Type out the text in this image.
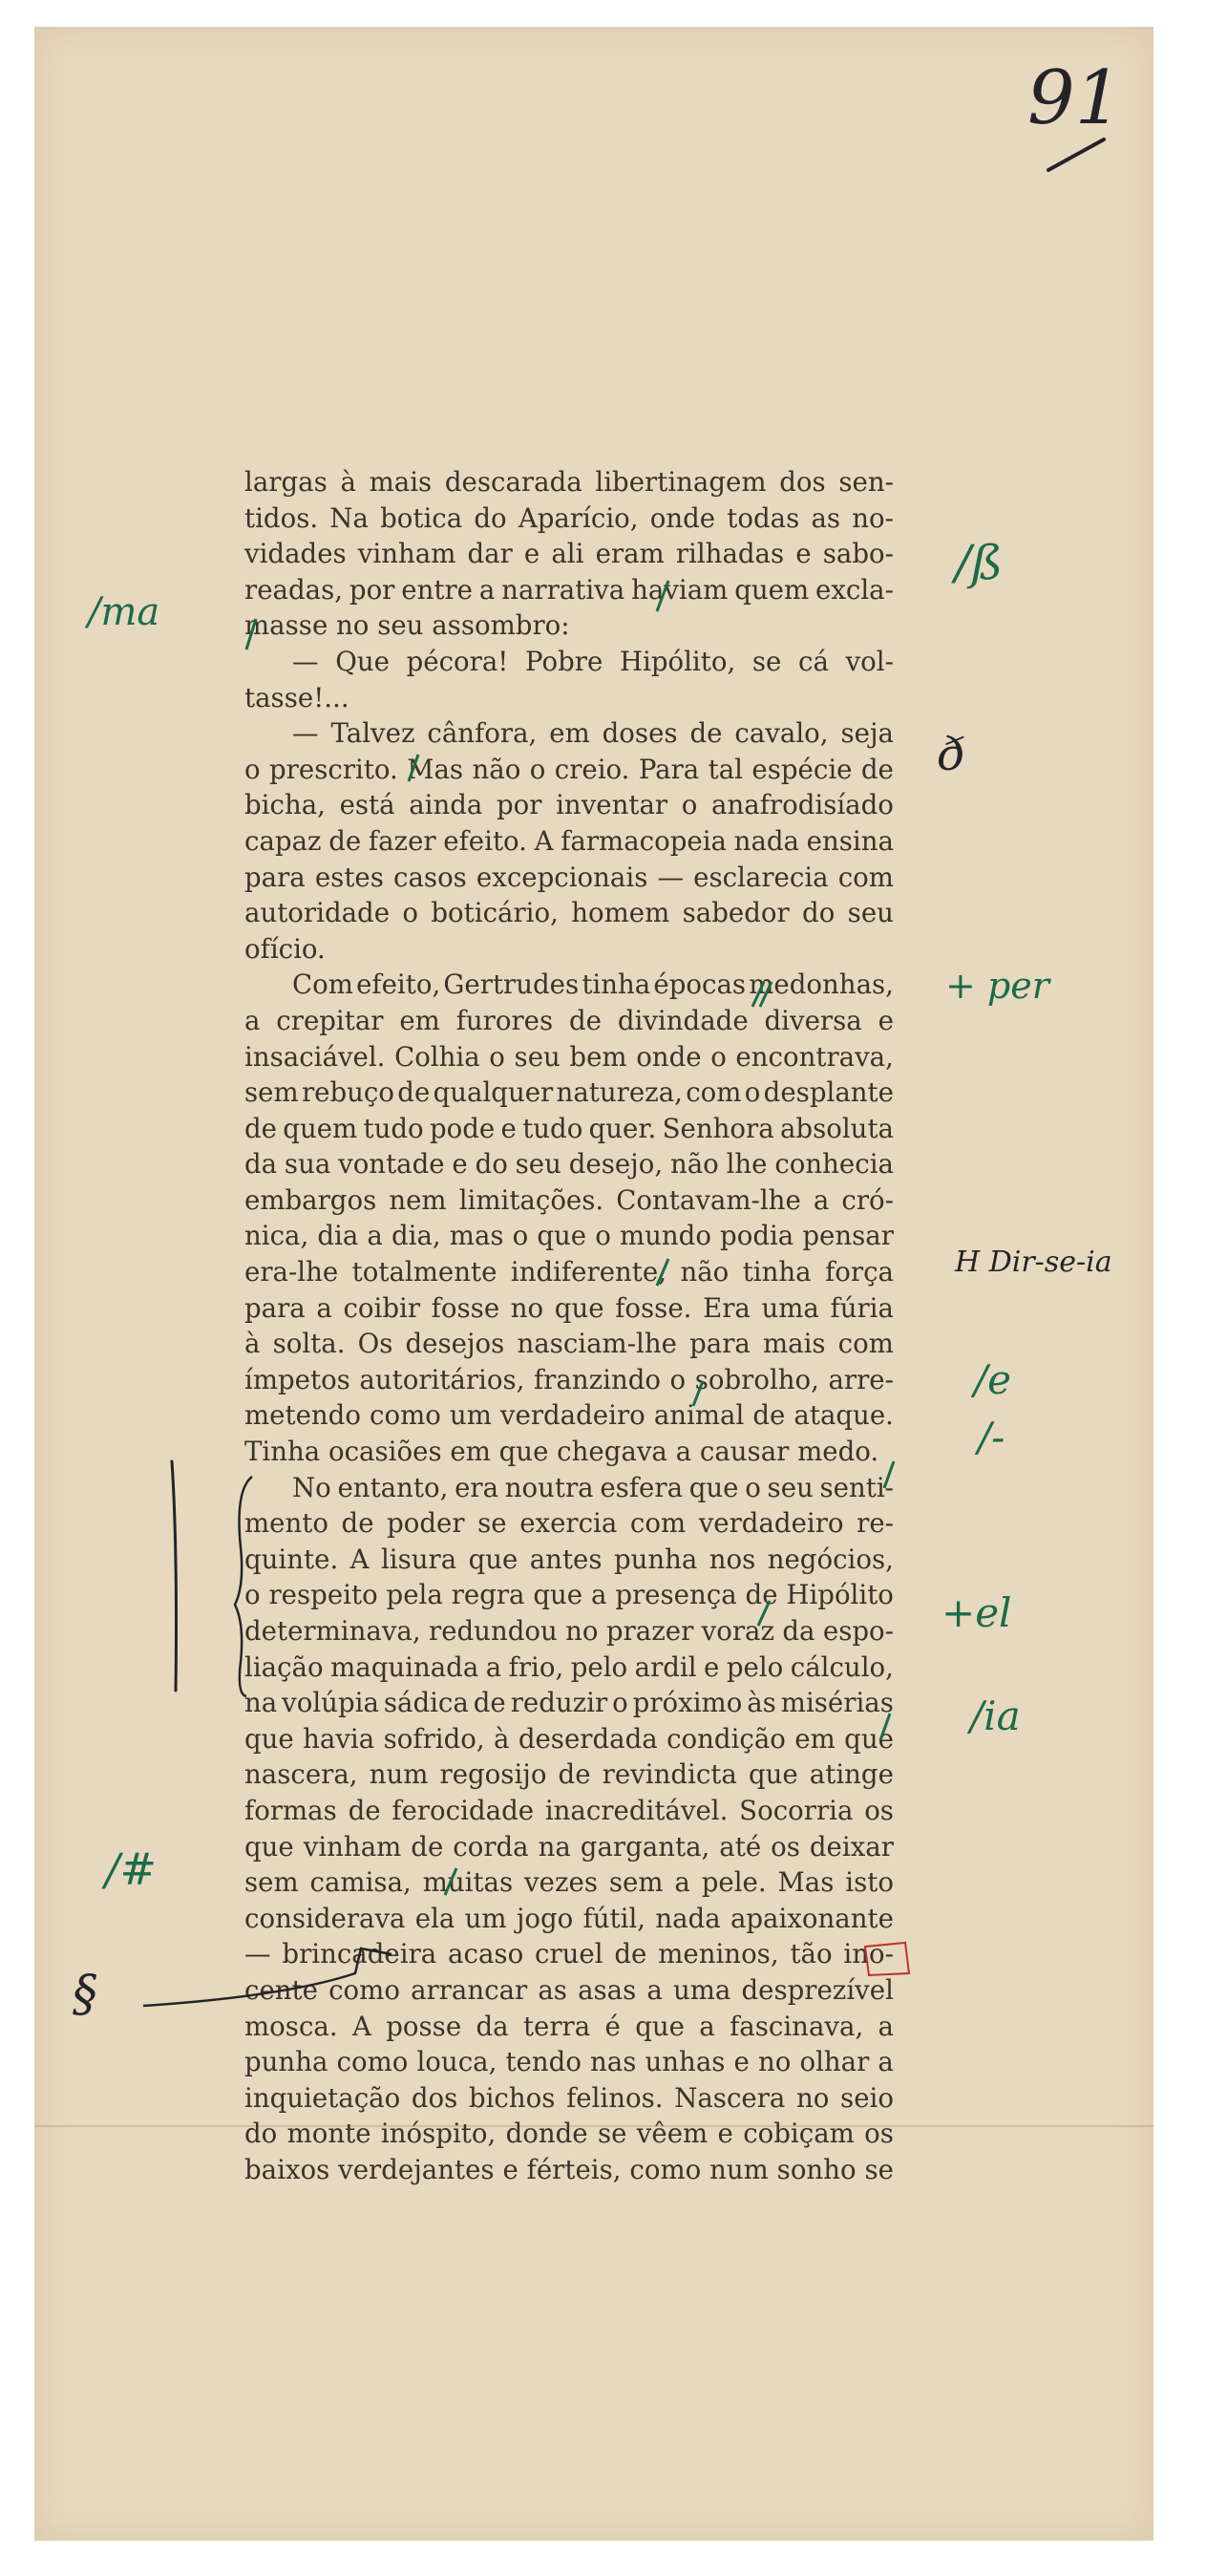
91
largas à mais descarada libertinagem dos sen-
tidos. Na botica do Aparício, onde todas as no-
vidades vinham dar e ali eram rilhadas e sabo-
readas, por entre a narrativa haviam quem excla-
masse no seu assombro:
— Que pécora! Pobre Hipólito, se cá vol-
tasse!...
— Talvez cânfora, em doses de cavalo, seja
o prescrito. Mas não o creio. Para tal espécie de
bicha, está ainda por inventar o anafrodisíado
capaz de fazer efeito. A farmacopeia nada ensina
para estes casos excepcionais — esclarecia com
autoridade o boticário, homem sabedor do seu
ofício.
Com efeito, Gertrudes tinha épocas medonhas,
a crepitar em furores de divindade diversa e
insaciável. Colhia o seu bem onde o encontrava,
sem rebuço de qualquer natureza, com o desplante
de quem tudo pode e tudo quer. Senhora absoluta
da sua vontade e do seu desejo, não lhe conhecia
embargos nem limitações. Contavam-lhe a cró-
nica, dia a dia, mas o que o mundo podia pensar
era-lhe totalmente indiferente, não tinha força
para a coibir fosse no que fosse. Era uma fúria
à solta. Os desejos nasciam-lhe para mais com
ímpetos autoritários, franzindo o sobrolho, arre-
metendo como um verdadeiro animal de ataque.
Tinha ocasiões em que chegava a causar medo.
No entanto, era noutra esfera que o seu senti-
mento de poder se exercia com verdadeiro re-
quinte. A lisura que antes punha nos negócios,
o respeito pela regra que a presença de Hipólito
determinava, redundou no prazer voraz da espo-
liação maquinada a frio, pelo ardil e pelo cálculo,
na volúpia sádica de reduzir o próximo às misérias
que havia sofrido, à deserdada condição em que
nascera, num regosijo de revindicta que atinge
formas de ferocidade inacreditável. Socorria os
que vinham de corda na garganta, até os deixar
sem camisa, muitas vezes sem a pele. Mas isto
considerava ela um jogo fútil, nada apaixonante
— brincadeira acaso cruel de meninos, tão ino-
cente como arrancar as asas a uma desprezível
mosca. A posse da terra é que a fascinava, a
punha como louca, tendo nas unhas e no olhar a
inquietação dos bichos felinos. Nascera no seio
do monte inóspito, donde se vêem e cobiçam os
baixos verdejantes e férteis, como num sonho se
/ma
/#
§
/ß
ð
+ per
H Dir-se-ia
/e
/-
+el
/ia
